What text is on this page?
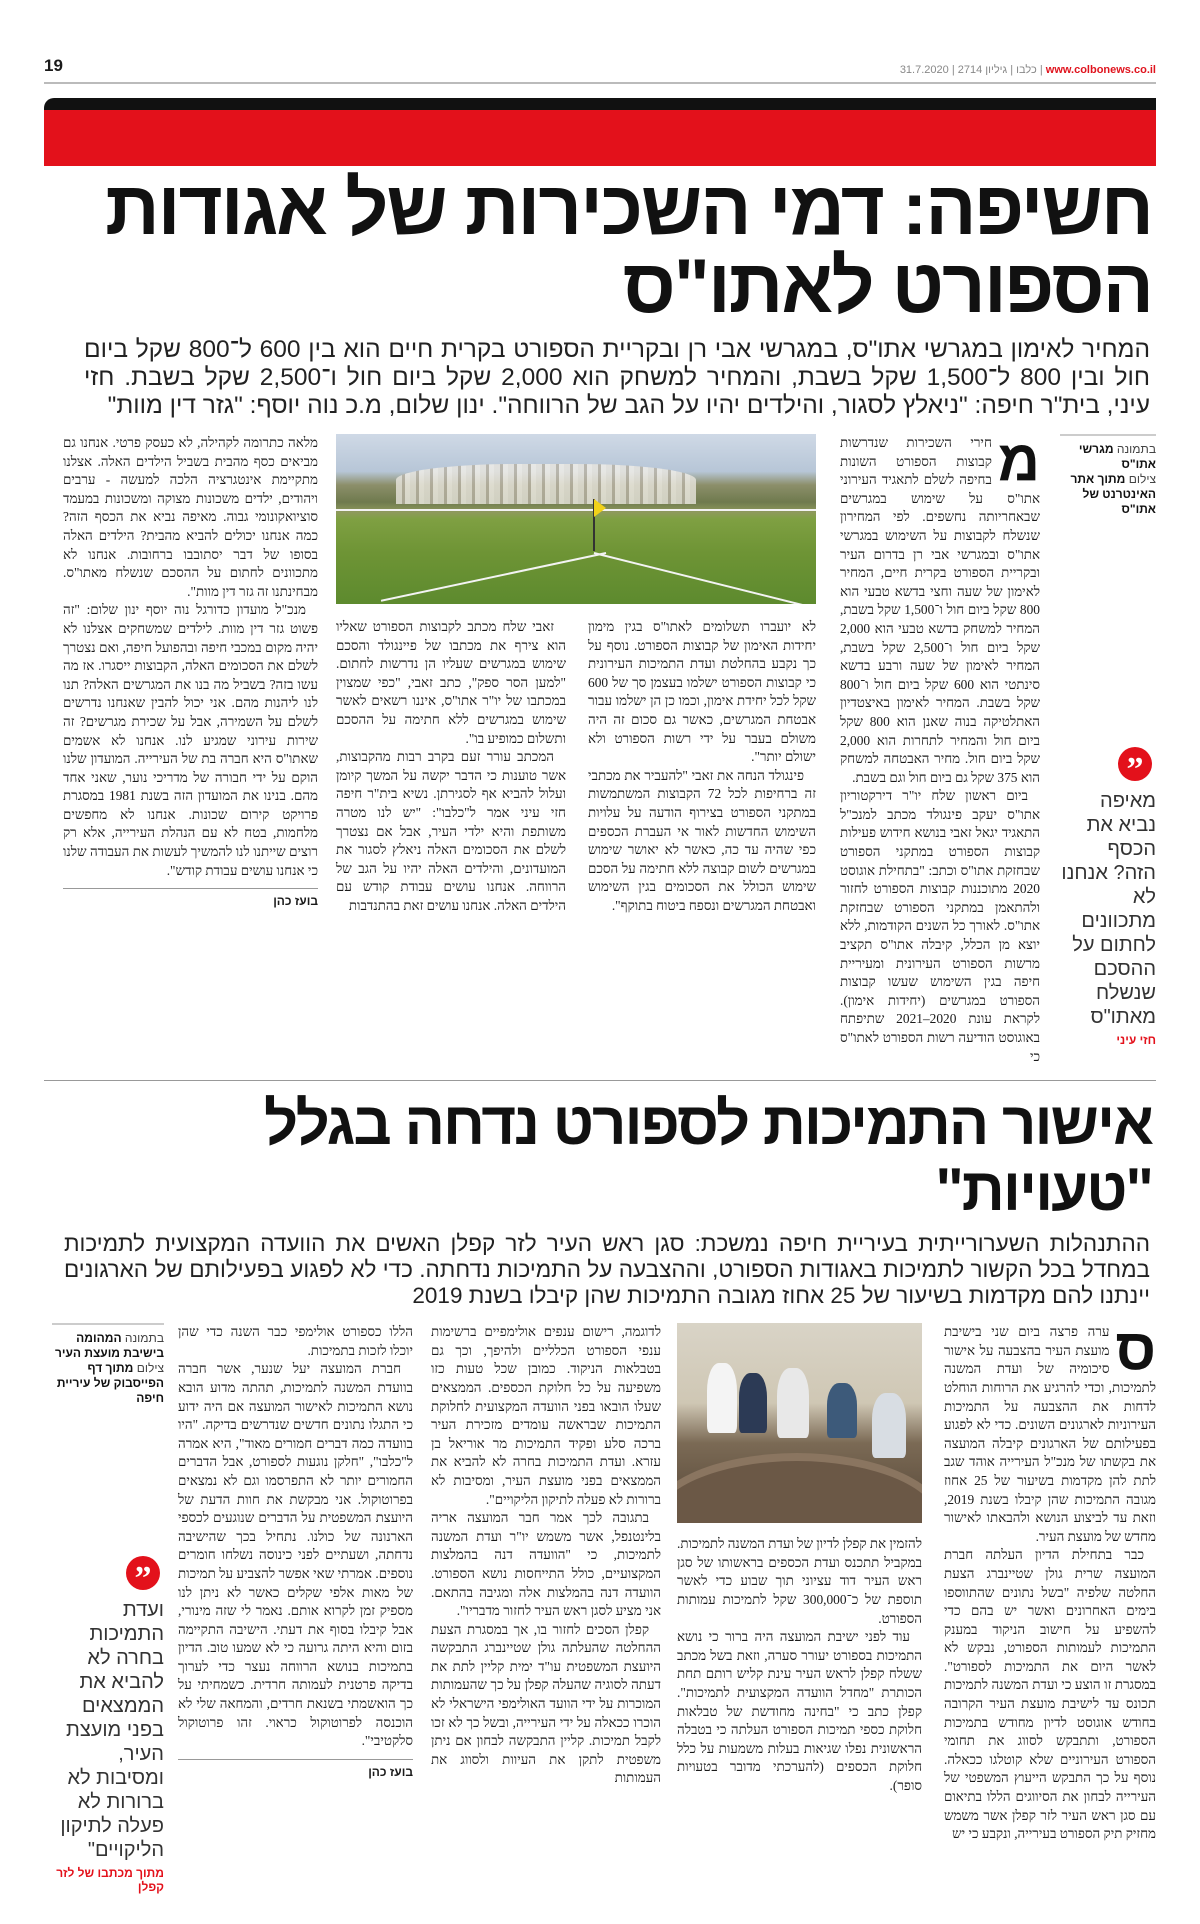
19	www.colbonews.co.il | כלבו | גיליון 2714 | 31.7.2020
חשיפה: דמי השכירות של אגודות
הספורט לאתו"ס
המחיר לאימון במגרשי אתו"ס, במגרשי אבי רן ובקריית הספורט בקרית חיים הוא בין 600 ל־800 שקל ביום חול ובין 800 ל־1,500 שקל בשבת, והמחיר למשחק הוא 2,000 שקל ביום חול ו־2,500 שקל בשבת. חזי עיני, בית"ר חיפה: "ניאלץ לסגור, והילדים יהיו על הגב של הרווחה". ינון שלום, מ.כ נוה יוסף: "גזר דין מוות"
בתמונה מגרשי אתו"ס
צילום מתוך אתר האינטרנט של אתו"ס
”
מאיפה נביא את הכסף הזה? אנחנו לא מתכוונים לחתום על ההסכם שנשלח מאתו"ס
חזי עיני
מ

חירי השכירות שנדרשות קבוצות הספורט השונות בחיפה לשלם לתאגיד העירוני אתו"ס על שימוש במגרשים שבאחריותה נחשפים. לפי המחירון שנשלח לקבוצות על השימוש במגרשי אתו"ס ובמגרשי אבי רן בדרום העיר ובקריית הספורט בקרית חיים, המחיר לאימון של שעה וחצי בדשא טבעי הוא 800 שקל ביום חול ו־1,500 שקל בשבת, המחיר למשחק בדשא טבעי הוא 2,000 שקל ביום חול ו־2,500 שקל בשבת, המחיר לאימון של שעה ורבע בדשא סינתטי הוא 600 שקל ביום חול ו־800 שקל בשבת. המחיר לאימון באיצטדיון האתלטיקה בנוה שאנן הוא 800 שקל ביום חול והמחיר לתחרות הוא 2,000 שקל ביום חול. מחיר האבטחה למשחק הוא 375 שקל גם ביום חול וגם בשבת.

ביום ראשון שלח יו"ר דירקטוריון אתו"ס יעקב פינגולד מכתב למנכ"ל התאגיד יגאל זאבי בנושא חידוש פעילות קבוצות הספורט במתקני הספורט שבחזקת אתו"ס וכתב: "בתחילת אוגוסט 2020 מתוכננות קבוצות הספורט לחזור ולהתאמן במתקני הספורט שבחזקת אתו"ס. לאורך כל השנים הקודמות, ללא יוצא מן הכלל, קיבלה אתו"ס תקציב מרשות הספורט העירונית ומעיריית חיפה בגין השימוש שעשו קבוצות הספורט במגרשים (יחידות אימון). לקראת עונת 2020–2021 שתיפתח באוגוסט הודיעה רשות הספורט לאתו"ס כי

לא יועברו תשלומים לאתו"ס בגין מימון יחידות האימון של קבוצות הספורט. נוסף על כך נקבע בהחלטת ועדת התמיכות העירונית כי קבוצות הספורט ישלמו בעצמן סך של 600 שקל לכל יחידת אימון, וכמו כן הן ישלמו עבור אבטחת המגרשים, כאשר גם סכום זה היה משולם בעבר על ידי רשות הספורט ולא ישולם יותר".

פינגולד הנחה את זאבי "להעביר את מכתבי זה ברחיפות לכל 72 הקבוצות המשתמשות במתקני הספורט בצירוף הודעה על עלויות השימוש החדשות לאור אי העברת הכספים כפי שהיה עד כה, כאשר לא יאושר שימוש במגרשים לשום קבוצה ללא חתימה על הסכם שימוש הכולל את הסכומים בגין השימוש ואבטחת המגרשים ונספח ביטוח בתוקף".

זאבי שלח מכתב לקבוצות הספורט שאליו הוא צירף את מכתבו של פיינגולד והסכם שימוש במגרשים שעליו הן נדרשות לחתום. "למען הסר ספק", כתב זאבי, "כפי שמצוין במכתבו של יו"ר אתו"ס, איננו רשאים לאשר שימוש במגרשים ללא חתימה על ההסכם ותשלום כמופיע בו".

המכתב עורר זעם בקרב רבות מהקבוצות, אשר טוענות כי הדבר יקשה על המשך קיומן ועלול להביא אף לסגירתן. נשיא בית"ר חיפה חזי עיני אמר ל"כלבו": "יש לנו מטרה משותפת והיא ילדי העיר, אבל אם נצטרך לשלם את הסכומים האלה ניאלץ לסגור את המועדונים, והילדים האלה יהיו על הגב של הרווחה. אנחנו עושים עבודת קודש עם הילדים האלה. אנחנו עושים זאת בהתנדבות

מלאה כתרומה לקהילה, לא כעסק פרטי. אנחנו גם מביאים כסף מהבית בשביל הילדים האלה. אצלנו מתקיימת אינטגרציה הלכה למעשה - ערבים ויהודים, ילדים משכונות מצוקה ומשכונות במעמד סוציואקונומי גבוה. מאיפה נביא את הכסף הזה? כמה אנחנו יכולים להביא מהבית? הילדים האלה בסופו של דבר יסתובבו ברחובות. אנחנו לא מתכוונים לחתום על ההסכם שנשלח מאתו"ס. מבחינתנו זה גזר דין מוות".

מנכ"ל מועדון כדורגל נוה יוסף ינון שלום: "זה פשוט גזר דין מוות. לילדים שמשחקים אצלנו לא יהיה מקום במכבי חיפה ובהפועל חיפה, ואם נצטרך לשלם את הסכומים האלה, הקבוצות ייסגרו. אז מה עשו בזה? בשביל מה בנו את המגרשים האלה? תנו לנו ליהנות מהם. אני יכול להבין שאנחנו נדרשים לשלם על השמירה, אבל על שכירת מגרשים? זה שירות עירוני שמגיע לנו. אנחנו לא אשמים שאתו"ס היא חברה בת של העירייה. המועדון שלנו הוקם על ידי חבורה של מדריכי נוער, שאני אחד מהם. בנינו את המועדון הזה בשנת 1981 במסגרת פרויקט קירום שכונות. אנחנו לא מחפשים מלחמות, בטח לא עם הנהלת העירייה, אלא רק רוצים שייתנו לנו להמשיך לעשות את העבודה שלנו כי אנחנו עושים עבודת קודש".

בועז כהן
אישור התמיכות לספורט נדחה בגלל "טעויות"
ההתנהלות השערורייתית בעיריית חיפה נמשכת: סגן ראש העיר לזר קפלן האשים את הוועדה המקצועית לתמיכות במחדל בכל הקשור לתמיכות באגודות הספורט, וההצבעה על התמיכות נדחתה. כדי לא לפגוע בפעילותם של הארגונים יינתנו להם מקדמות בשיעור של 25 אחוז מגובה התמיכות שהן קיבלו בשנת 2019
ס

ערה פרצה ביום שני בישיבת מועצת העיר בהצבעה על אישור סיכומיה של ועדת המשנה לתמיכות, וכדי להרגיע את הרוחות הוחלט לדחות את ההצבעה על התמיכות העירוניות לארגונים השונים. כדי לא לפגוע בפעילותם של הארגונים קיבלה המועצה את בקשתו של מנכ"ל העירייה אוהד שגב לתת להן מקדמות בשיעור של 25 אחוז מגובה התמיכות שהן קיבלו בשנת 2019, וזאת עד לביצוע הנושא ולהבאתו לאישור מחדש של מועצת העיר.

כבר בתחילת הדיון העלתה חברת המועצה שרית גולן שטיינברג הצעת החלטה שלפיה "בשל נתונים שהתווספו בימים האחרונים ואשר יש בהם כדי להשפיע על חישוב הניקוד במענק התמיכות לעמותות הספורט, נבקש לא לאשר היום את התמיכות לספורט". במסגרת זו הוצע כי ועדת המשנה לתמיכות תכונס עד לישיבת מועצת העיר הקרובה בחודש אוגוסט לדיון מחודש בתמיכות הספורט, ותתבקש לסווג את תחומי הספורט העירוניים שלא קוטלגו ככאלה. נוסף על כך התבקש הייעוץ המשפטי של העירייה לבחון את הסיווגים הללו בתיאום עם סגן ראש העיר לזר קפלן אשר משמש מחזיק תיק הספורט בעירייה, ונקבע כי יש

להזמין את קפלן לדיון של ועדת המשנה לתמיכות. במקביל תתכנס ועדת הכספים בראשותו של סגן ראש העיר דוד עציוני תוך שבוע כדי לאשר תוספת של כ־300,000 שקל לתמיכות עמותות הספורט.

עוד לפני ישיבת המועצה היה ברור כי נושא התמיכות בספורט יעורר סערה, וזאת בשל מכתב ששלח קפלן לראש העיר עינת קליש רותם תחת הכותרת "מחדל הוועדה המקצועית לתמיכות". קפלן כתב כי "בחינה מחודשת של טבלאות חלוקת כספי תמיכות הספורט העלתה כי בטבלה הראשונית נפלו שגיאות בעלות משמעות על כלל חלוקת הכספים (להערכתי מדובר בטעויות סופר).

לדוגמה, רישום ענפים אולימפיים ברשימות ענפי הספורט הכלליים ולהיפך, וכך גם בטבלאות הניקוד. כמובן שכל טעות כזו משפיעה על כל חלוקת הכספים. הממצאים שעלו הובאו בפני הוועדה המקצועית לחלוקת התמיכות שבראשה עומדים מזכירת העיר ברכה סלע ופקיד התמיכות מר אוריאל בן עזרא. ועדת התמיכות בחרה לא להביא את הממצאים בפני מועצת העיר, ומסיבות לא ברורות לא פעלה לתיקון הליקויים".

בתגובה לכך אמר חבר המועצה אריה בלינטנפל, אשר משמש יו"ר ועדת המשנה לתמיכות, כי "הוועדה דנה בהמלצות המקצועיים, כולל התייחסות נושא הספורט. הוועדה דנה בהמלצות אלה ומגיבה בהתאם. אני מציע לסגן ראש העיר לחזור מדבריו".

קפלן הסכים לחזור בו, אך במסגרת הצעת ההחלטה שהעלתה גולן שטיינברג התבקשה היועצת המשפטית עו"ד ימית קליין לתת את דעתה לסוגיה שהעלה קפלן על כך שהעמותות המוכרות על ידי הוועד האולימפי הישראלי לא הוכרו ככאלה על ידי העירייה, ובשל כך לא זכו לקבל תמיכות. קליין התבקשה לבחון אם ניתן משפטית לתקן את העיוות ולסווג את העמותות

הללו כספורט אולימפי כבר השנה כדי שהן יוכלו לזכות בתמיכות.

חברת המועצה יעל שנער, אשר חברה בוועדת המשנה לתמיכות, תהתה מדוע הובא נושא התמיכות לאישור המועצה אם היה ידוע כי התגלו נתונים חדשים שנדרשים בדיקה. "היו בוועדה כמה דברים חמורים מאוד", היא אמרה ל"כלבו", "חלקן נוגעות לספורט, אבל הדברים החמורים יותר לא התפרסמו וגם לא נמצאים בפרוטוקול. אני מבקשת את חוות הדעת של היועצת המשפטית על הדברים שנוגעים לכספי הארנונה של כולנו. נתחיל בכך שהישיבה נדחתה, ושעתיים לפני כינוסה נשלחו חומרים נוספים. אמרתי שאי אפשר להצביע על תמיכות של מאות אלפי שקלים כאשר לא ניתן לנו מספיק זמן לקרוא אותם. נאמר לי שזה מינורי, אבל קיבלו בסוף את דעתי. הישיבה התקיימה בזום והיא היתה גרועה כי לא שמעו טוב. הדיון בתמיכות בנושא הרווחה נעצר כדי לערוך בדיקה פרטנית לעמותה חרדית. כשמחיתי על כך הואשמתי בשנאת חרדים, והמחאה שלי לא הוכנסה לפרוטוקול כראוי. זהו פרוטוקול סלקטיבי".

בועז כהן
בתמונה המהומה בישיבת מועצת העיר
צילום מתוך דף הפייסבוק של עיריית חיפה
”
ועדת התמיכות בחרה לא להביא את הממצאים בפני מועצת העיר, ומסיבות לא ברורות לא פעלה לתיקון הליקויים"
מתוך מכתבו של לזר קפלן
